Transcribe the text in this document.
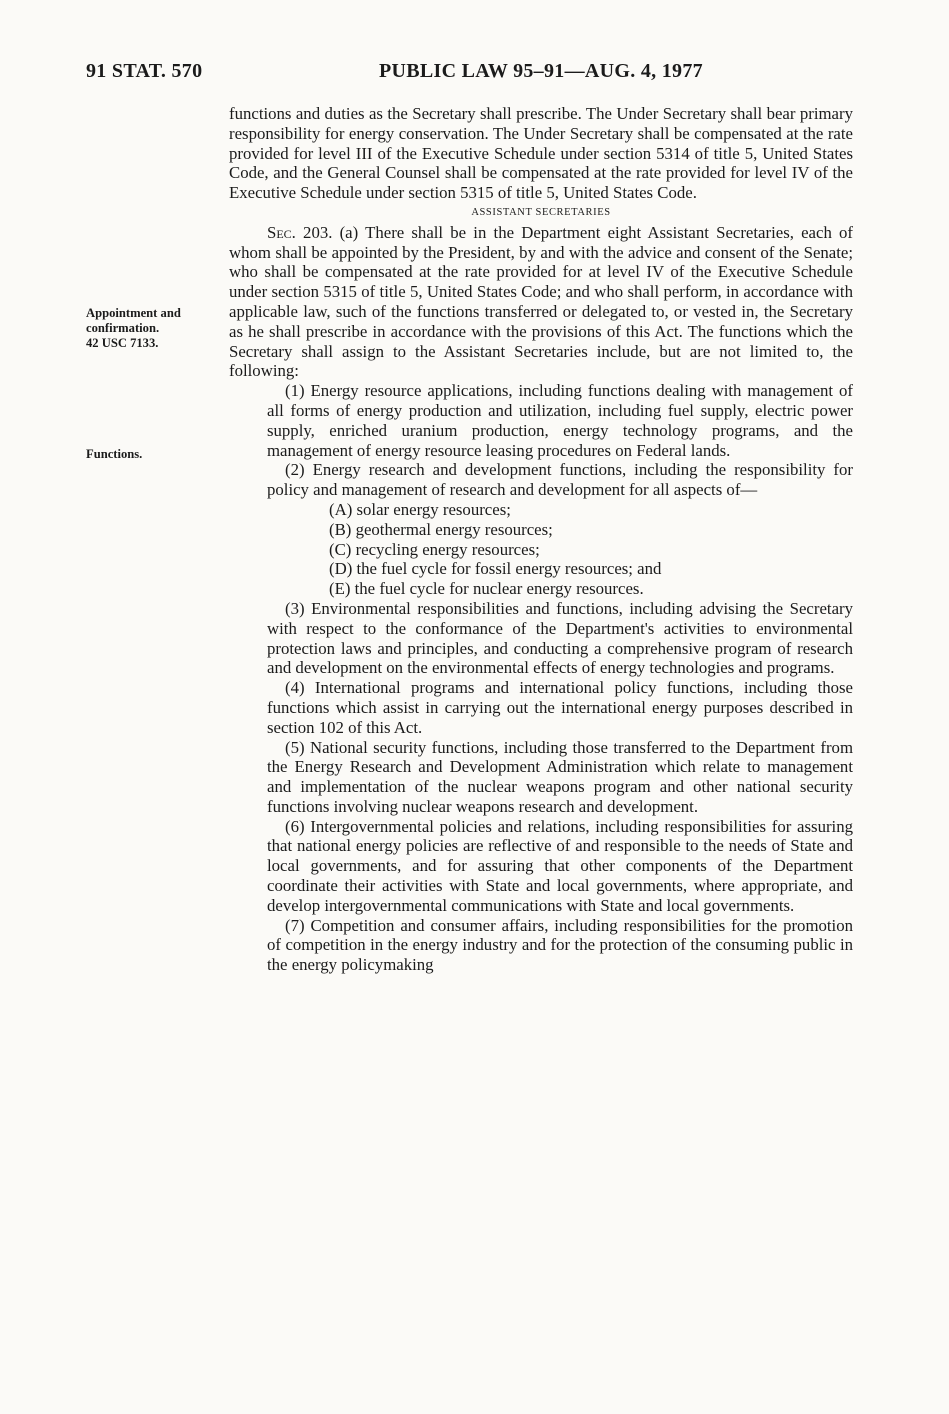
91 STAT. 570	PUBLIC LAW 95–91—AUG. 4, 1977
Appointment and
confirmation.
42 USC 7133.
Functions.

functions and duties as the Secretary shall prescribe. The Under Secretary shall bear primary responsibility for energy conservation. The Under Secretary shall be compensated at the rate provided for level III of the Executive Schedule under section 5314 of title 5, United States Code, and the General Counsel shall be compensated at the rate provided for level IV of the Executive Schedule under section 5315 of title 5, United States Code.

ASSISTANT SECRETARIES

Sec. 203. (a) There shall be in the Department eight Assistant Secretaries, each of whom shall be appointed by the President, by and with the advice and consent of the Senate; who shall be compensated at the rate provided for at level IV of the Executive Schedule under section 5315 of title 5, United States Code; and who shall perform, in accordance with applicable law, such of the functions transferred or delegated to, or vested in, the Secretary as he shall prescribe in accordance with the provisions of this Act. The functions which the Secretary shall assign to the Assistant Secretaries include, but are not limited to, the following:

(1) Energy resource applications, including functions dealing with management of all forms of energy production and utilization, including fuel supply, electric power supply, enriched uranium production, energy technology programs, and the management of energy resource leasing procedures on Federal lands.

(2) Energy research and development functions, including the responsibility for policy and management of research and development for all aspects of—

(A) solar energy resources;

(B) geothermal energy resources;

(C) recycling energy resources;

(D) the fuel cycle for fossil energy resources; and

(E) the fuel cycle for nuclear energy resources.

(3) Environmental responsibilities and functions, including advising the Secretary with respect to the conformance of the Department's activities to environmental protection laws and principles, and conducting a comprehensive program of research and development on the environmental effects of energy technologies and programs.

(4) International programs and international policy functions, including those functions which assist in carrying out the international energy purposes described in section 102 of this Act.

(5) National security functions, including those transferred to the Department from the Energy Research and Development Administration which relate to management and implementation of the nuclear weapons program and other national security functions involving nuclear weapons research and development.

(6) Intergovernmental policies and relations, including responsibilities for assuring that national energy policies are reflective of and responsible to the needs of State and local governments, and for assuring that other components of the Department coordinate their activities with State and local governments, where appropriate, and develop intergovernmental communications with State and local governments.

(7) Competition and consumer affairs, including responsibilities for the promotion of competition in the energy industry and for the protection of the consuming public in the energy policymaking
